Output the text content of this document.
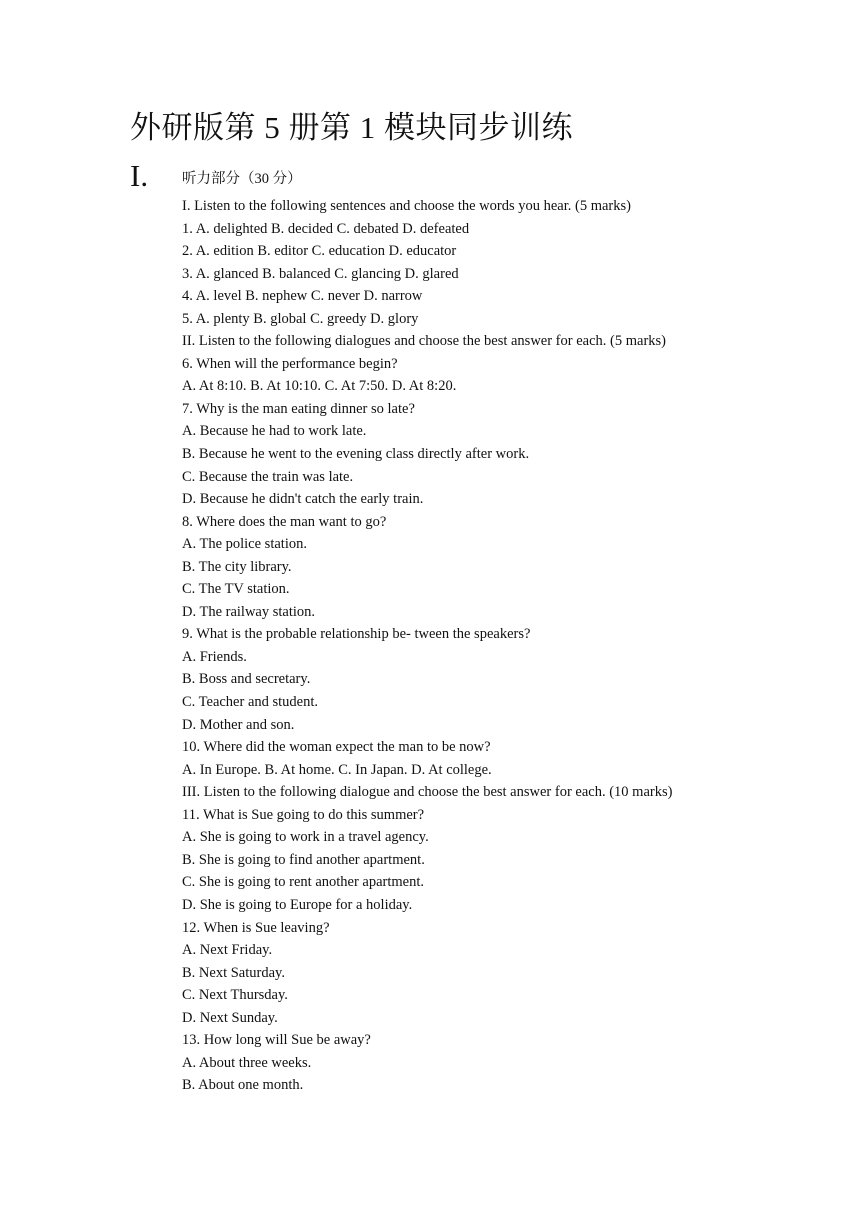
外研版第 5 册第 1 模块同步训练
I. 听力部分（30 分）
I. Listen to the following sentences and choose the words you hear. (5 marks)
1. A. delighted B. decided C. debated D. defeated
2. A. edition B. editor C. education D. educator
3. A. glanced B. balanced C. glancing D. glared
4. A. level B. nephew C. never D. narrow
5. A. plenty B. global C. greedy D. glory
II. Listen to the following dialogues and choose the best answer for each. (5 marks)
6. When will the performance begin?
A. At 8:10. B. At 10:10. C. At 7:50. D. At 8:20.
7. Why is the man eating dinner so late?
A. Because he had to work late.
B. Because he went to the evening class directly after work.
C. Because the train was late.
D. Because he didn't catch the early train.
8. Where does the man want to go?
A. The police station.
B. The city library.
C. The TV station.
D. The railway station.
9. What is the probable relationship be- tween the speakers?
A. Friends.
B. Boss and secretary.
C. Teacher and student.
D. Mother and son.
10. Where did the woman expect the man to be now?
A. In Europe. B. At home. C. In Japan. D. At college.
III. Listen to the following dialogue and choose the best answer for each. (10 marks)
11. What is Sue going to do this summer?
A. She is going to work in a travel agency.
B. She is going to find another apartment.
C. She is going to rent another apartment.
D. She is going to Europe for a holiday.
12. When is Sue leaving?
A. Next Friday.
B. Next Saturday.
C. Next Thursday.
D. Next Sunday.
13. How long will Sue be away?
A. About three weeks.
B. About one month.
